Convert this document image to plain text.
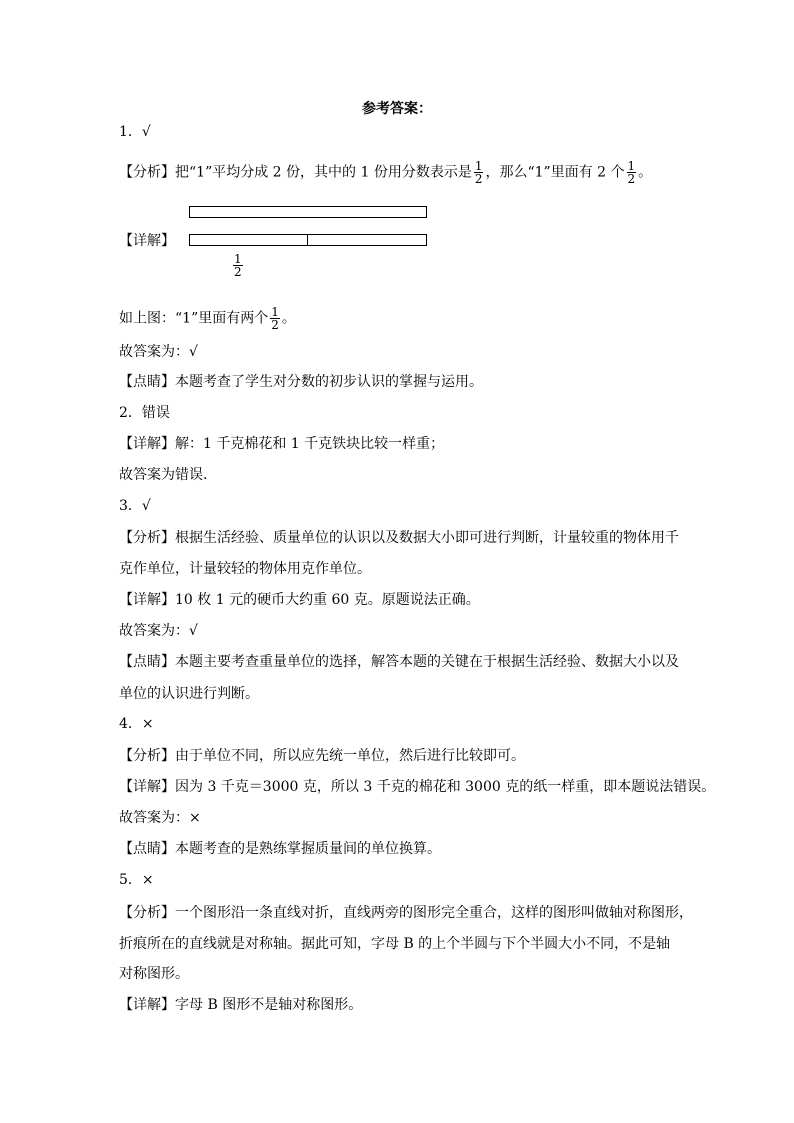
参考答案：
1．√
【分析】把“1”平均分成 2 份，其中的 1 份用分数表示是 $\frac{1}{2}$ ，那么“1”里面有 2 个 $\frac{1}{2}$ 。
【详解】
$\frac{1}{2}$
如上图：“1”里面有两个 $\frac{1}{2}$ 。
故答案为：√
【点睛】本题考查了学生对分数的初步认识的掌握与运用。
2．错误
【详解】解：1 千克棉花和 1 千克铁块比较一样重；
故答案为错误.
3．√
【分析】根据生活经验、质量单位的认识以及数据大小即可进行判断，计量较重的物体用千
克作单位，计量较轻的物体用克作单位。
【详解】10 枚 1 元的硬币大约重 60 克。原题说法正确。
故答案为：√
【点睛】本题主要考查重量单位的选择，解答本题的关键在于根据生活经验、数据大小以及
单位的认识进行判断。
4．×
【分析】由于单位不同，所以应先统一单位，然后进行比较即可。
【详解】因为 3 千克＝3000 克，所以 3 千克的棉花和 3000 克的纸一样重，即本题说法错误。
故答案为：×
【点睛】本题考查的是熟练掌握质量间的单位换算。
5．×
【分析】一个图形沿一条直线对折，直线两旁的图形完全重合，这样的图形叫做轴对称图形，
折痕所在的直线就是对称轴。据此可知，字母 B 的上个半圆与下个半圆大小不同，不是轴
对称图形。
【详解】字母 B 图形不是轴对称图形。
